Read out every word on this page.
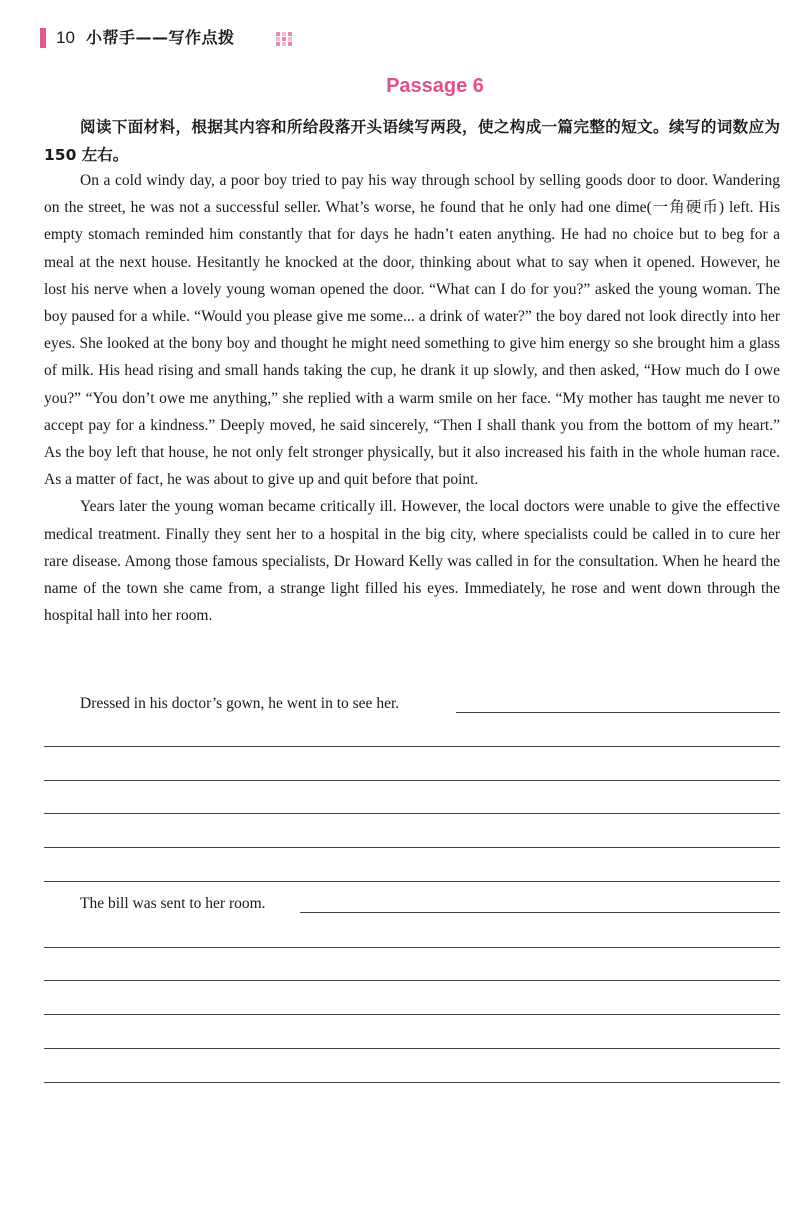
10 小帮手——写作点拨
Passage 6

阅读下面材料，根据其内容和所给段落开头语续写两段，使之构成一篇完整的短文。续写的词数应为 150 左右。

On a cold windy day, a poor boy tried to pay his way through school by selling goods door to door. Wandering on the street, he was not a successful seller. What’s worse, he found that he only had one dime(一角硬币) left. His empty stomach reminded him constantly that for days he hadn’t eaten anything. He had no choice but to beg for a meal at the next house. Hesitantly he knocked at the door, thinking about what to say when it opened. However, he lost his nerve when a lovely young woman opened the door. “What can I do for you?” asked the young woman. The boy paused for a while. “Would you please give me some... a drink of water?” the boy dared not look directly into her eyes. She looked at the bony boy and thought he might need something to give him energy so she brought him a glass of milk. His head rising and small hands taking the cup, he drank it up slowly, and then asked, “How much do I owe you?” “You don’t owe me anything,” she replied with a warm smile on her face. “My mother has taught me never to accept pay for a kindness.” Deeply moved, he said sincerely, “Then I shall thank you from the bottom of my heart.” As the boy left that house, he not only felt stronger physically, but it also increased his faith in the whole human race. As a matter of fact, he was about to give up and quit before that point.

Years later the young woman became critically ill. However, the local doctors were unable to give the effective medical treatment. Finally they sent her to a hospital in the big city, where specialists could be called in to cure her rare disease. Among those famous specialists, Dr Howard Kelly was called in for the consultation. When he heard the name of the town she came from, a strange light filled his eyes. Immediately, he rose and went down through the hospital hall into her room.

Dressed in his doctor’s gown, he went in to see her.
The bill was sent to her room.
